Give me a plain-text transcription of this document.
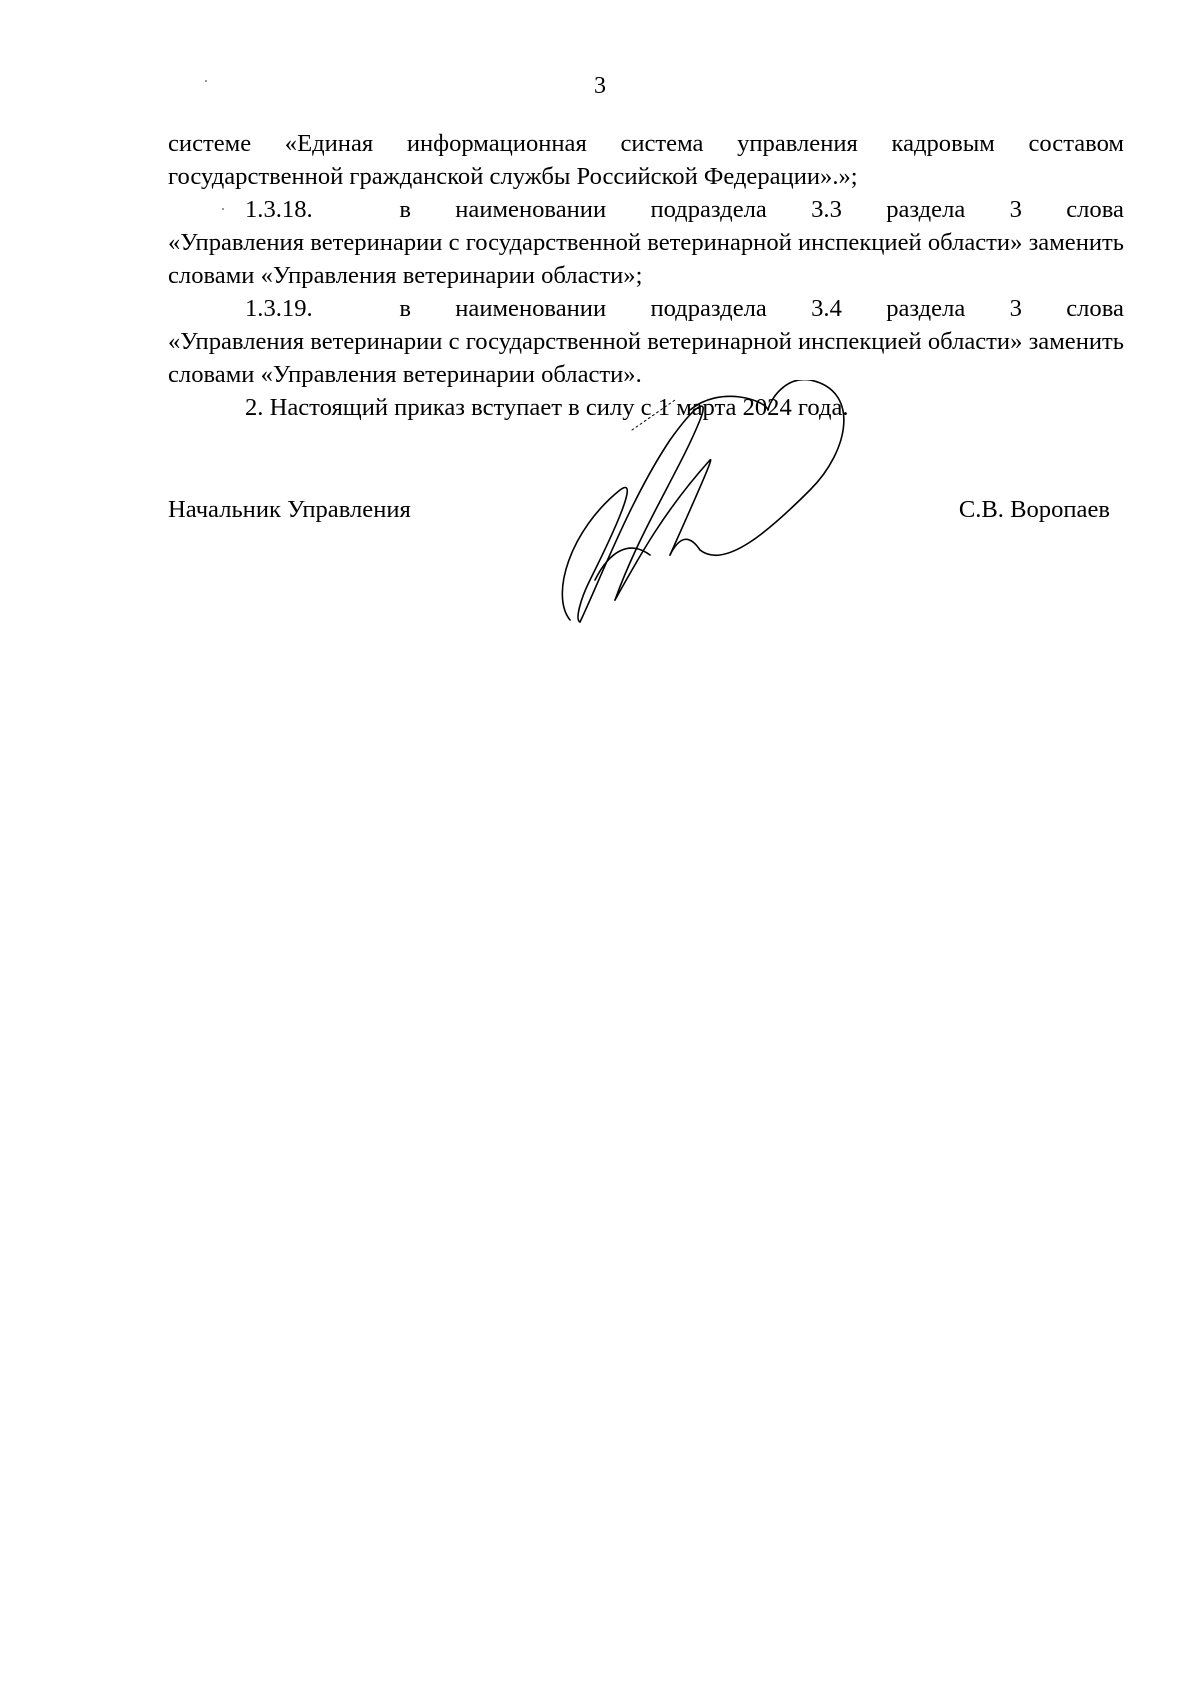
3

системе «Единая информационная система управления кадровым составом государственной гражданской службы Российской Федерации».»;

1.3.18.	в наименовании подраздела 3.3 раздела 3 слова

«Управления ветеринарии с государственной ветеринарной инспекцией области» заменить словами «Управления ветеринарии области»;

1.3.19.	в наименовании подраздела 3.4 раздела 3 слова

«Управления ветеринарии с государственной ветеринарной инспекцией области» заменить словами «Управления ветеринарии области».

2. Настоящий приказ вступает в силу с 1 марта 2024 года.

Начальник Управления	С.В. Воропаев
